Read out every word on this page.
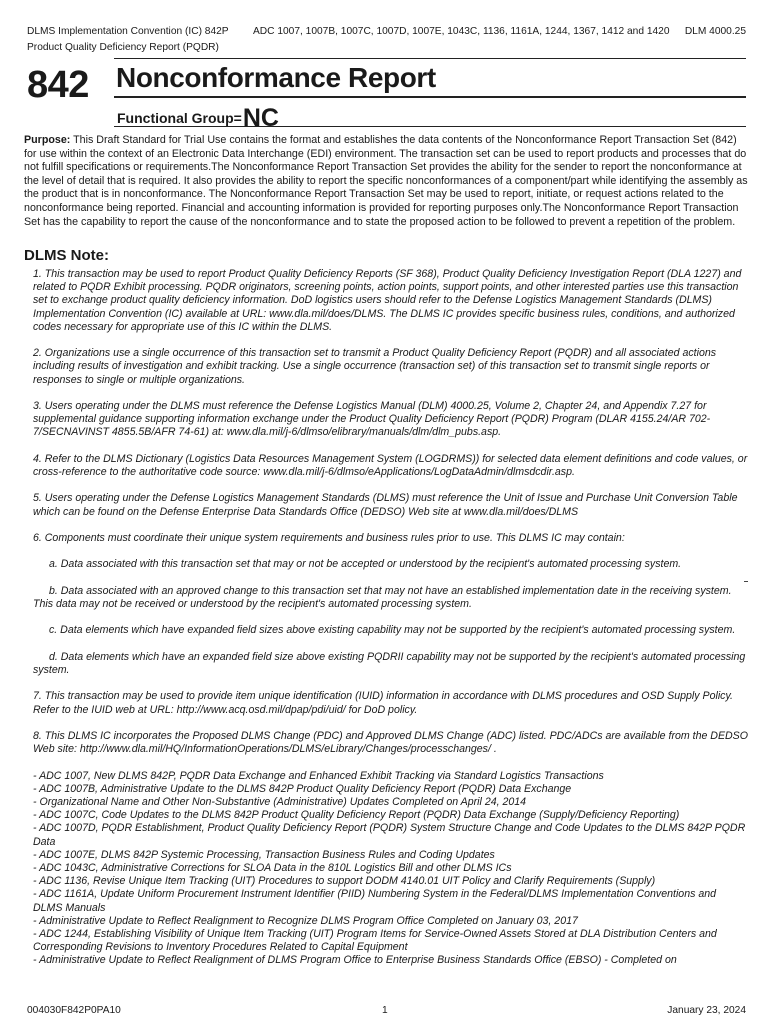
DLMS Implementation Convention (IC) 842P	ADC 1007, 1007B, 1007C, 1007D, 1007E, 1043C, 1136, 1161A, 1244, 1367, 1412 and 1420	DLM 4000.25
Product Quality Deficiency Report (PQDR)
842 Nonconformance Report
Functional Group=NC
Purpose: This Draft Standard for Trial Use contains the format and establishes the data contents of the Nonconformance Report Transaction Set (842) for use within the context of an Electronic Data Interchange (EDI) environment. The transaction set can be used to report products and processes that do not fulfill specifications or requirements.The Nonconformance Report Transaction Set provides the ability for the sender to report the nonconformance at the level of detail that is required. It also provides the ability to report the specific nonconformances of a component/part while identifying the assembly as the product that is in nonconformance. The Nonconformance Report Transaction Set may be used to report, initiate, or request actions related to the nonconformance being reported. Financial and accounting information is provided for reporting purposes only.The Nonconformance Report Transaction Set has the capability to report the cause of the nonconformance and to state the proposed action to be followed to prevent a repetition of the problem.
DLMS Note:

1. This transaction may be used to report Product Quality Deficiency Reports (SF 368), Product Quality Deficiency Investigation Report (DLA 1227) and related to PQDR Exhibit processing. PQDR originators, screening points, action points, support points, and other interested parties use this transaction set to exchange product quality deficiency information. DoD logistics users should refer to the Defense Logistics Management Standards (DLMS) Implementation Convention (IC) available at URL: www.dla.mil/does/DLMS. The DLMS IC provides specific business rules, conditions, and authorized codes necessary for appropriate use of this IC within the DLMS.

2. Organizations use a single occurrence of this transaction set to transmit a Product Quality Deficiency Report (PQDR) and all associated actions including results of investigation and exhibit tracking. Use a single occurrence (transaction set) of this transaction set to transmit single reports or responses to single or multiple organizations.

3. Users operating under the DLMS must reference the Defense Logistics Manual (DLM) 4000.25, Volume 2, Chapter 24, and Appendix 7.27 for supplemental guidance supporting information exchange under the Product Quality Deficiency Report (PQDR) Program (DLAR 4155.24/AR 702-7/SECNAVINST 4855.5B/AFR 74-61) at: www.dla.mil/j-6/dlmso/elibrary/manuals/dlm/dlm_pubs.asp.

4. Refer to the DLMS Dictionary (Logistics Data Resources Management System (LOGDRMS)) for selected data element definitions and code values, or cross-reference to the authoritative code source: www.dla.mil/j-6/dlmso/eApplications/LogDataAdmin/dlmsdcdir.asp.

5. Users operating under the Defense Logistics Management Standards (DLMS) must reference the Unit of Issue and Purchase Unit Conversion Table which can be found on the Defense Enterprise Data Standards Office (DEDSO) Web site at www.dla.mil/does/DLMS

6. Components must coordinate their unique system requirements and business rules prior to use. This DLMS IC may contain:

a. Data associated with this transaction set that may or not be accepted or understood by the recipient's automated processing system.

b. Data associated with an approved change to this transaction set that may not have an established implementation date in the receiving system. This data may not be received or understood by the recipient's automated processing system.

c. Data elements which have expanded field sizes above existing capability may not be supported by the recipient's automated processing system.

d. Data elements which have an expanded field size above existing PQDRII capability may not be supported by the recipient's automated processing system.

7. This transaction may be used to provide item unique identification (IUID) information in accordance with DLMS procedures and OSD Supply Policy. Refer to the IUID web at URL: http://www.acq.osd.mil/dpap/pdi/uid/ for DoD policy.

8. This DLMS IC incorporates the Proposed DLMS Change (PDC) and Approved DLMS Change (ADC) listed. PDC/ADCs are available from the DEDSO Web site: http://www.dla.mil/HQ/InformationOperations/DLMS/eLibrary/Changes/processchanges/ .

- ADC 1007, New DLMS 842P, PQDR Data Exchange and Enhanced Exhibit Tracking via Standard Logistics Transactions

- ADC 1007B, Administrative Update to the DLMS 842P Product Quality Deficiency Report (PQDR) Data Exchange

- Organizational Name and Other Non-Substantive (Administrative) Updates Completed on April 24, 2014

- ADC 1007C, Code Updates to the DLMS 842P Product Quality Deficiency Report (PQDR) Data Exchange (Supply/Deficiency Reporting)

- ADC 1007D, PQDR Establishment, Product Quality Deficiency Report (PQDR) System Structure Change and Code Updates to the DLMS 842P PQDR Data

- ADC 1007E, DLMS 842P Systemic Processing, Transaction Business Rules and Coding Updates

- ADC 1043C, Administrative Corrections for SLOA Data in the 810L Logistics Bill and other DLMS ICs

- ADC 1136, Revise Unique Item Tracking (UIT) Procedures to support DODM 4140.01 UIT Policy and Clarify Requirements (Supply)

- ADC 1161A, Update Uniform Procurement Instrument Identifier (PIID) Numbering System in the Federal/DLMS Implementation Conventions and DLMS Manuals

- Administrative Update to Reflect Realignment to Recognize DLMS Program Office Completed on January 03, 2017

- ADC 1244, Establishing Visibility of Unique Item Tracking (UIT) Program Items for Service-Owned Assets Stored at DLA Distribution Centers and Corresponding Revisions to Inventory Procedures Related to Capital Equipment

- Administrative Update to Reflect Realignment of DLMS Program Office to Enterprise Business Standards Office (EBSO) - Completed on

004030F842P0PA10	1	January 23, 2024
